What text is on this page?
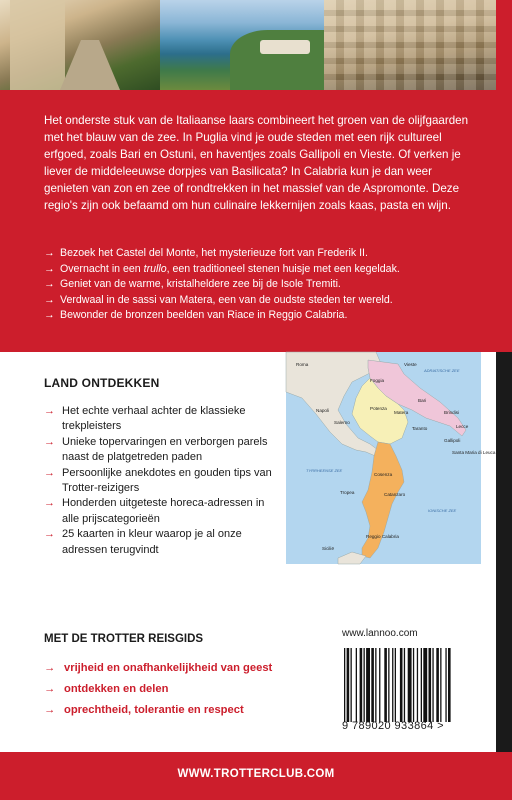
Het onderste stuk van de Italiaanse laars combineert het groen van de olijfgaarden met het blauw van de zee. In Puglia vind je oude steden met een rijk cultureel erfgoed, zoals Bari en Ostuni, en haventjes zoals Gallipoli en Vieste. Of verken je liever de middeleeuwse dorpjes van Basilicata? In Calabria kun je dan weer genieten van zon en zee of rondtrekken in het massief van de Aspromonte. Deze regio's zijn ook befaamd om hun culinaire lekkernijen zoals kaas, pasta en wijn.
→ Bezoek het Castel del Monte, het mysterieuze fort van Frederik II.
→ Overnacht in een trullo, een traditioneel stenen huisje met een kegeldak.
→ Geniet van de warme, kristalheldere zee bij de Isole Tremiti.
→ Verdwaal in de sassi van Matera, een van de oudste steden ter wereld.
→ Bewonder de bronzen beelden van Riace in Reggio Calabria.
LAND ONTDEKKEN
→ Het echte verhaal achter de klassieke trekpleisters
→ Unieke topervaringen en verborgen parels naast de platgetreden paden
→ Persoonlijke anekdotes en gouden tips van Trotter-reizigers
→ Honderden uitgeteste horeca-adressen in alle prijscategorieën
→ 25 kaarten in kleur waarop je al onze adressen terugvindt
Roma	Vieste
Foggia
Bari
Brindisi
Lecce
Napoli
Salerno
Potenza
Matera
Taranto
Gallipoli
Santa Maria di Leuca
Cosenza
Tropea	Catanzaro
Reggio Calabria
Sicilië
ADRIATISCHE ZEE
TYRRHEENSE ZEE
IONISCHE ZEE
MET DE TROTTER REISGIDS
→ vrijheid en onafhankelijkheid van geest
→ ontdekken en delen
→ oprechtheid, tolerantie en respect
www.lannoo.com
9 789020 933864 >
WWW.TROTTERCLUB.COM
